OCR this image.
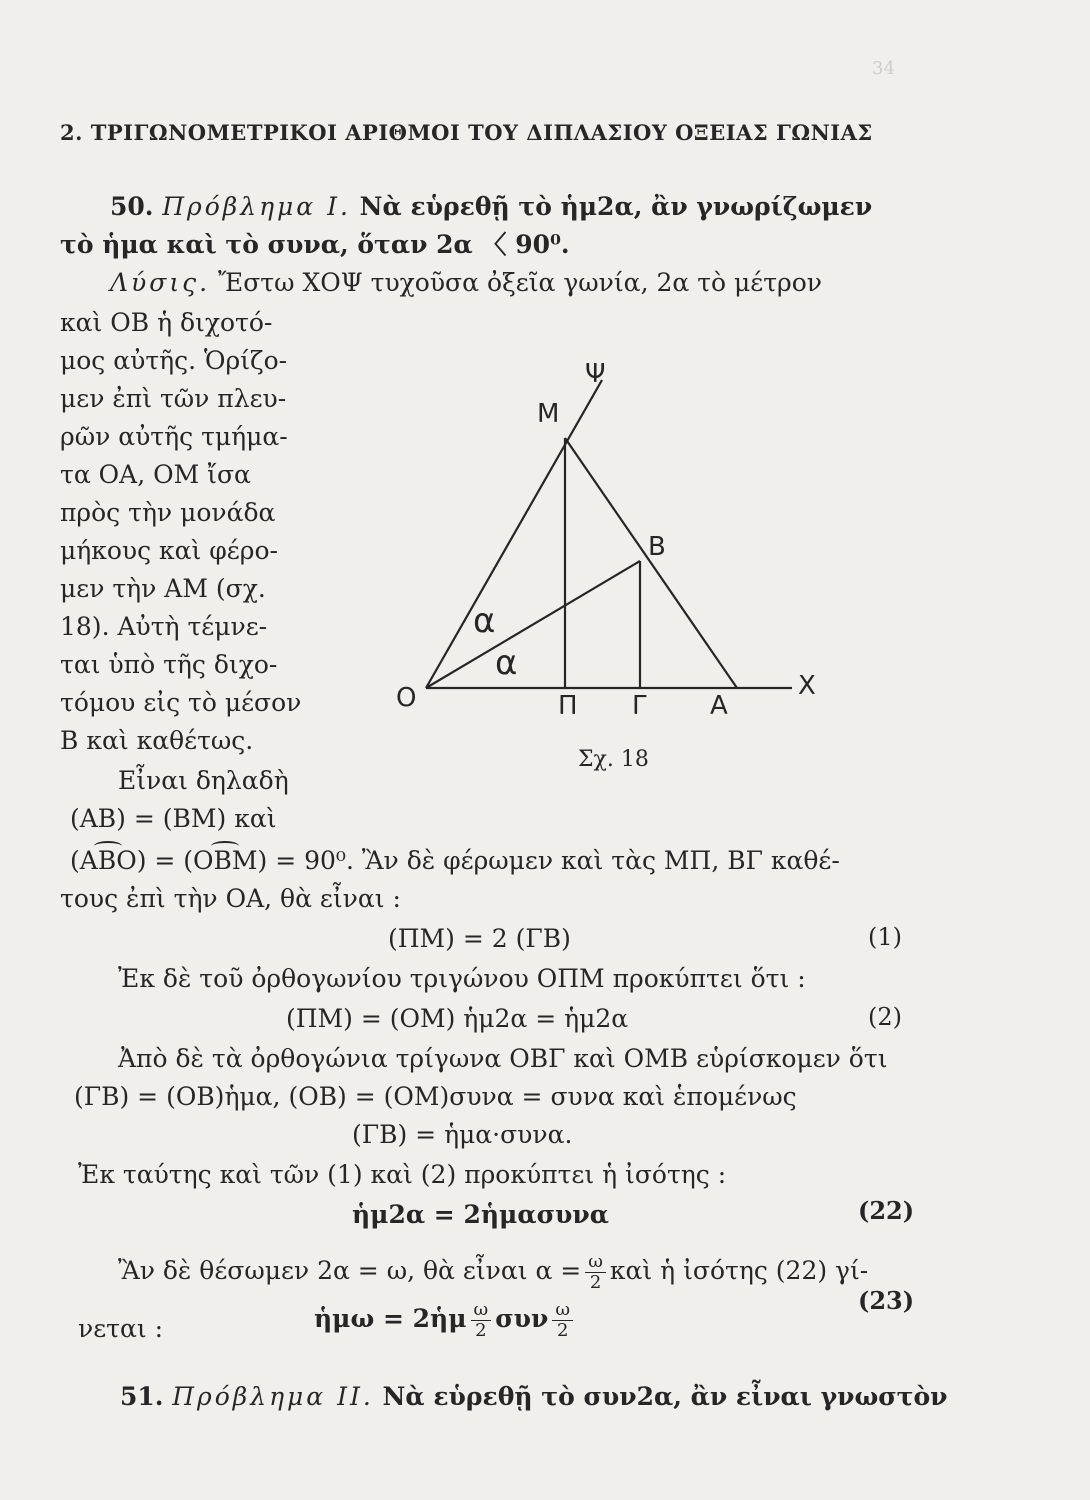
34
2. ΤΡΙΓΩΝΟΜΕΤΡΙΚΟΙ ΑΡΙΘΜΟΙ ΤΟΥ ΔΙΠΛΑΣΙΟΥ ΟΞΕΙΑΣ ΓΩΝΙΑΣ
50. Πρόβλημα Ι. Νὰ εὑρεθῇ τὸ ἡμ2α, ἂν γνωρίζωμεν
τὸ ἡμα καὶ τὸ συνα, ὅταν 2α 〈 90⁰.
Λύσις. Ἔστω ΧΟΨ τυχοῦσα ὀξεῖα γωνία, 2α τὸ μέτρον
καὶ ΟΒ ἡ διχοτό-
μος αὐτῆς. Ὁρίζο-
μεν ἐπὶ τῶν πλευ-
ρῶν αὐτῆς τμήμα-
τα ΟΑ, ΟΜ ἴσα
πρὸς τὴν μονάδα
μήκους καὶ φέρο-
μεν τὴν ΑΜ (σχ.
18). Αὐτὴ τέμνε-
ται ὑπὸ τῆς διχο-
τόμου εἰς τὸ μέσον
Β καὶ καθέτως.
Εἶναι δηλαδὴ
(ΑΒ) = (ΒΜ) καὶ
(ΑΒΟ) = (ΟΒΜ) = 90⁰. Ἂν δὲ φέρωμεν καὶ τὰς ΜΠ, ΒΓ καθέ-
τους ἐπὶ τὴν ΟΑ, θὰ εἶναι :
(ΠΜ) = 2 (ΓΒ)	(1)
Ἐκ δὲ τοῦ ὀρθογωνίου τριγώνου ΟΠΜ προκύπτει ὅτι :
(ΠΜ) = (ΟΜ) ἡμ2α = ἡμ2α	(2)
Ἀπὸ δὲ τὰ ὀρθογώνια τρίγωνα ΟΒΓ καὶ ΟΜΒ εὑρίσκομεν ὅτι
(ΓΒ) = (ΟΒ)ἡμα, (ΟΒ) = (ΟΜ)συνα = συνα καὶ ἑπομένως
(ΓΒ) = ἡμα·συνα.
Ἐκ ταύτης καὶ τῶν (1) καὶ (2) προκύπτει ἡ ἰσότης :
ἡμ2α = 2ἡμασυνα	(22)
Ἂν δὲ θέσωμεν 2α = ω, θὰ εἶναι $\alpha = \frac{\omega}{2}$ καὶ ἡ ἰσότης (22) γί-
νεται :	ἡμω = 2ἡμ $\frac{\omega}{2}$ συν $\frac{\omega}{2}$	(23)
51. Πρόβλημα ΙΙ. Νὰ εὑρεθῇ τὸ συν2α, ἂν εἶναι γνωστὸν
Ψ
Μ
Β
α
α
Ο	Π Γ Α
Χ
Σχ. 18
